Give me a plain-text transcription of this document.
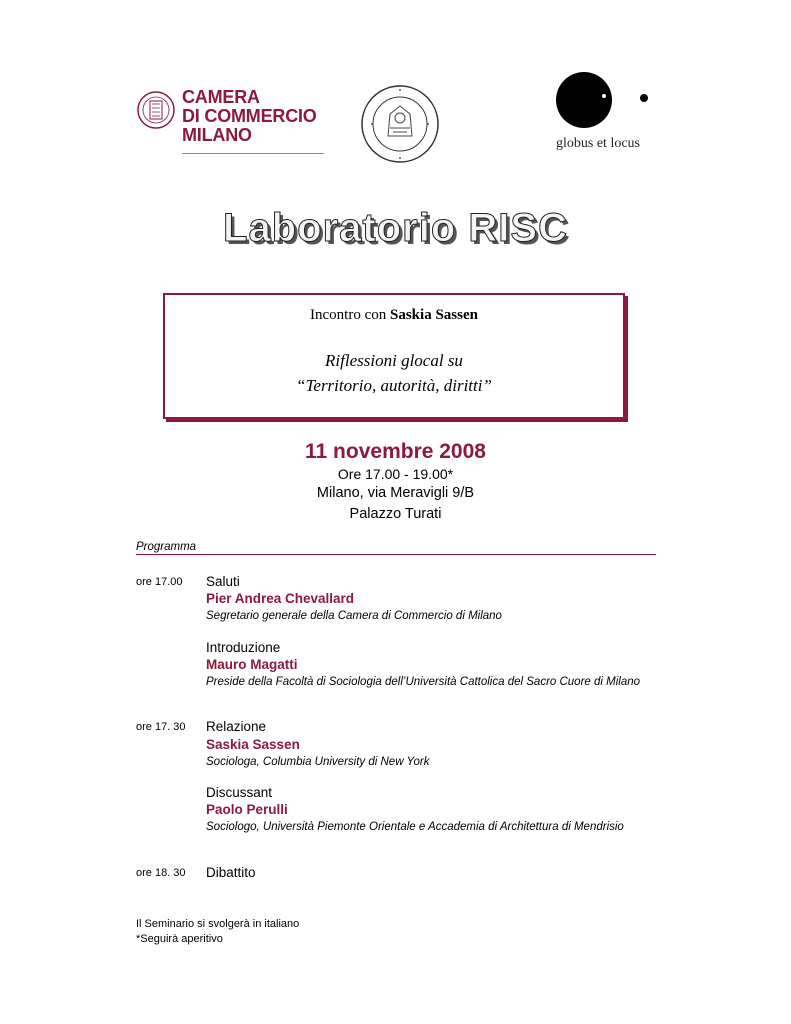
CAMERA
DI COMMERCIO
MILANO	globus et locus
Laboratorio RISC
Incontro con Saskia Sassen
Riflessioni glocal su
“Territorio, autorità, diritti”
11 novembre 2008
Ore 17.00 - 19.00*
Milano, via Meravigli 9/B
Palazzo Turati
Programma
ore 17.00 Saluti
Pier Andrea Chevallard
Segretario generale della Camera di Commercio di Milano
Introduzione
Mauro Magatti
Preside della Facoltà di Sociologia dell’Università Cattolica del Sacro Cuore di Milano
ore 17. 30 Relazione
Saskia Sassen
Sociologa, Columbia University di New York
Discussant
Paolo Perulli
Sociologo, Università Piemonte Orientale e Accademia di Architettura di Mendrisio
ore 18. 30 Dibattito
Il Seminario si svolgerà in italiano
*Seguirà aperitivo
